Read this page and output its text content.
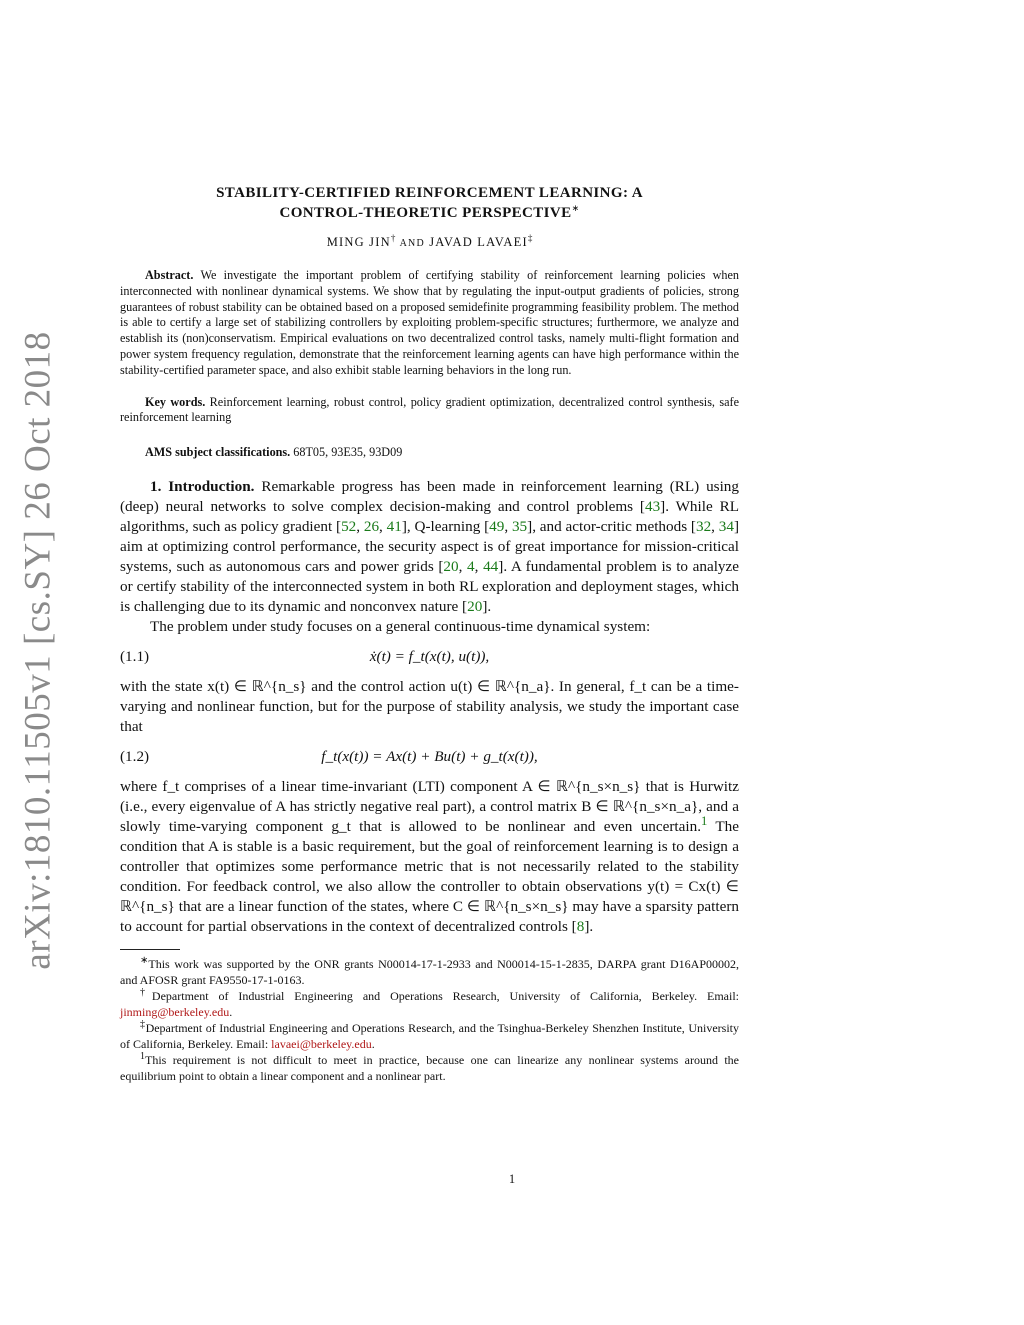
arXiv:1810.11505v1 [cs.SY] 26 Oct 2018
STABILITY-CERTIFIED REINFORCEMENT LEARNING: A
CONTROL-THEORETIC PERSPECTIVE∗
MING JIN† AND JAVAD LAVAEI‡

Abstract. We investigate the important problem of certifying stability of reinforcement learning policies when interconnected with nonlinear dynamical systems. We show that by regulating the input-output gradients of policies, strong guarantees of robust stability can be obtained based on a proposed semidefinite programming feasibility problem. The method is able to certify a large set of stabilizing controllers by exploiting problem-specific structures; furthermore, we analyze and establish its (non)conservatism. Empirical evaluations on two decentralized control tasks, namely multi-flight formation and power system frequency regulation, demonstrate that the reinforcement learning agents can have high performance within the stability-certified parameter space, and also exhibit stable learning behaviors in the long run.

Key words. Reinforcement learning, robust control, policy gradient optimization, decentralized control synthesis, safe reinforcement learning

AMS subject classifications. 68T05, 93E35, 93D09

1. Introduction. Remarkable progress has been made in reinforcement learning (RL) using (deep) neural networks to solve complex decision-making and control problems [43]. While RL algorithms, such as policy gradient [52, 26, 41], Q-learning [49, 35], and actor-critic methods [32, 34] aim at optimizing control performance, the security aspect is of great importance for mission-critical systems, such as autonomous cars and power grids [20, 4, 44]. A fundamental problem is to analyze or certify stability of the interconnected system in both RL exploration and deployment stages, which is challenging due to its dynamic and nonconvex nature [20].

The problem under study focuses on a general continuous-time dynamical system:

(1.1)	ẋ(t) = f_t(x(t), u(t)),

with the state x(t) ∈ ℝ^{n_s} and the control action u(t) ∈ ℝ^{n_a}. In general, f_t can be a time-varying and nonlinear function, but for the purpose of stability analysis, we study the important case that

(1.2)	f_t(x(t)) = Ax(t) + Bu(t) + g_t(x(t)),

where f_t comprises of a linear time-invariant (LTI) component A ∈ ℝ^{n_s×n_s} that is Hurwitz (i.e., every eigenvalue of A has strictly negative real part), a control matrix B ∈ ℝ^{n_s×n_a}, and a slowly time-varying component g_t that is allowed to be nonlinear and even uncertain.$^1$ The condition that A is stable is a basic requirement, but the goal of reinforcement learning is to design a controller that optimizes some performance metric that is not necessarily related to the stability condition. For feedback control, we also allow the controller to obtain observations y(t) = Cx(t) ∈ ℝ^{n_s} that are a linear function of the states, where C ∈ ℝ^{n_s×n_s} may have a sparsity pattern to account for partial observations in the context of decentralized controls [8].

∗This work was supported by the ONR grants N00014-17-1-2933 and N00014-15-1-2835, DARPA grant D16AP00002, and AFOSR grant FA9550-17-1-0163.

†Department of Industrial Engineering and Operations Research, University of California, Berkeley. Email: jinming@berkeley.edu.

‡Department of Industrial Engineering and Operations Research, and the Tsinghua-Berkeley Shenzhen Institute, University of California, Berkeley. Email: lavaei@berkeley.edu.

$^1$This requirement is not difficult to meet in practice, because one can linearize any nonlinear systems around the equilibrium point to obtain a linear component and a nonlinear part.

1
